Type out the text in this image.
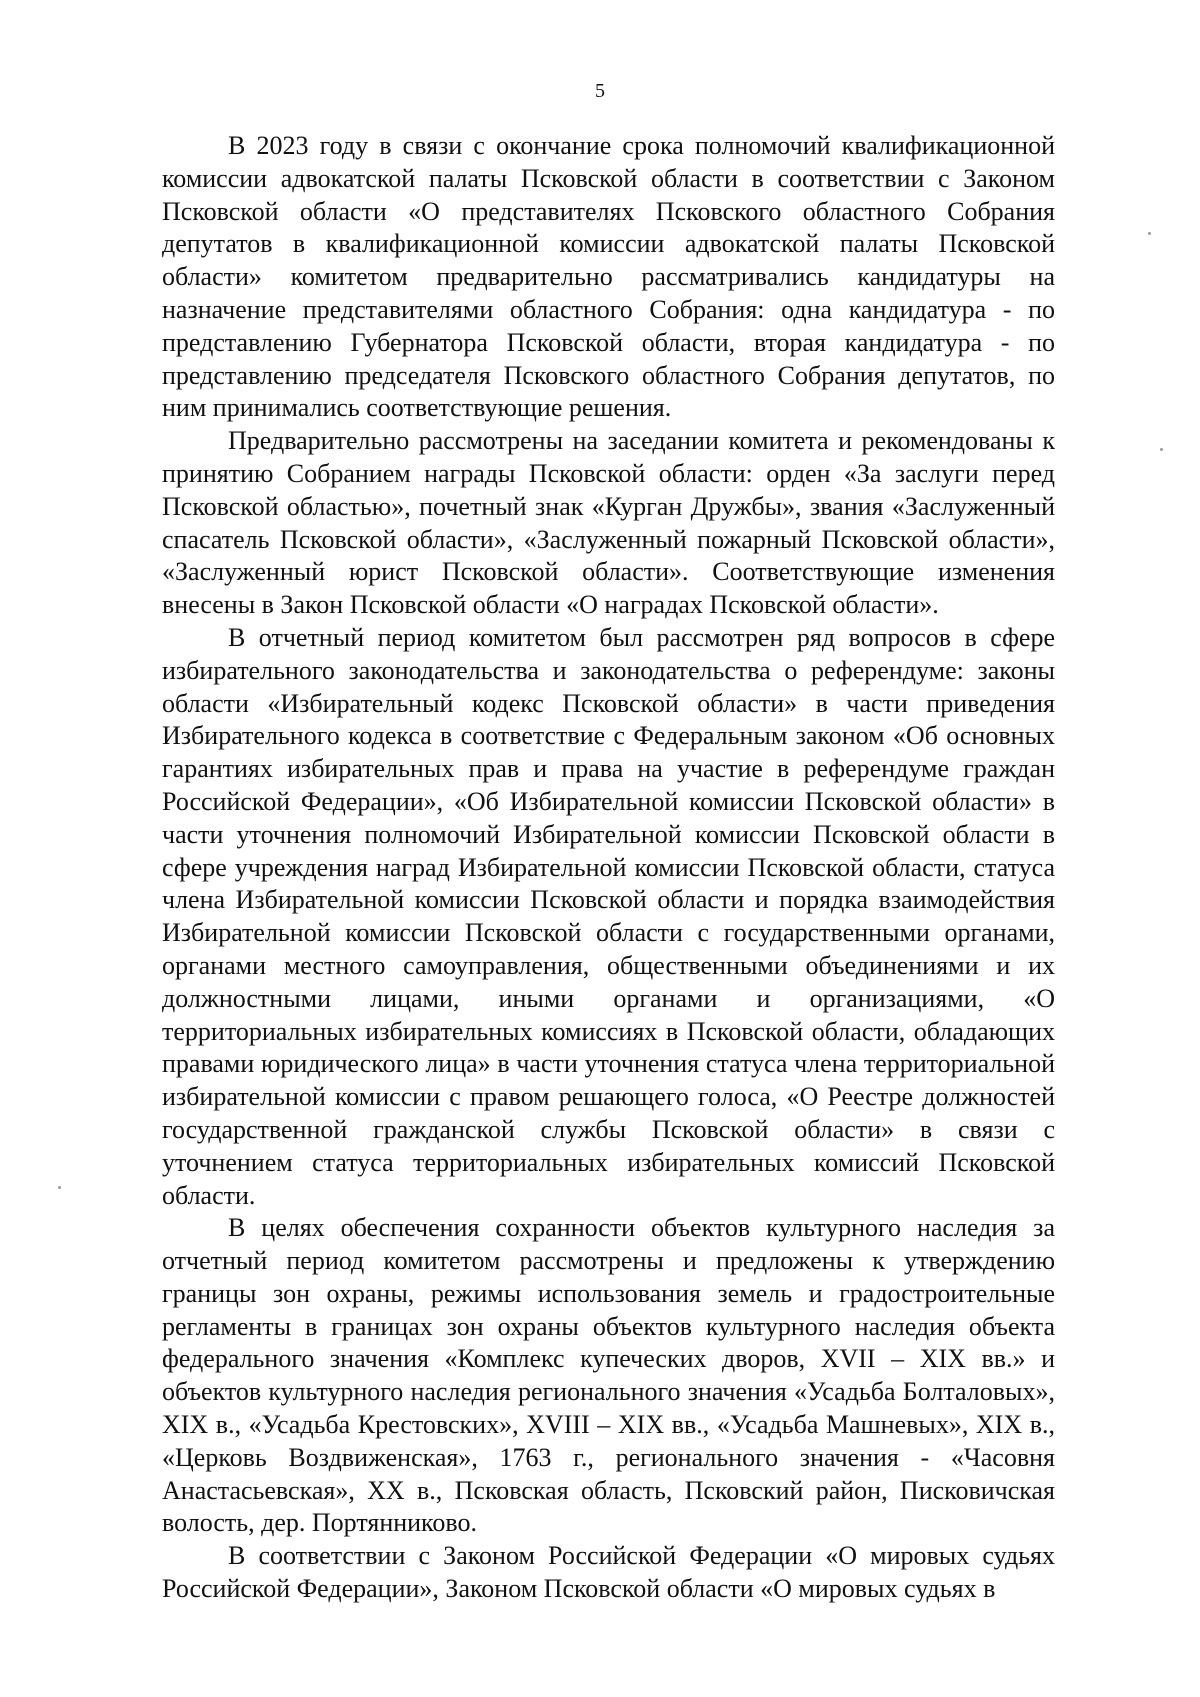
5

В 2023 году в связи с окончание срока полномочий квалификационной комиссии адвокатской палаты Псковской области в соответствии с Законом Псковской области «О представителях Псковского областного Собрания депутатов в квалификационной комиссии адвокатской палаты Псковской области» комитетом предварительно рассматривались кандидатуры на назначение представителями областного Собрания: одна кандидатура - по представлению Губернатора Псковской области, вторая кандидатура - по представлению председателя Псковского областного Собрания депутатов, по ним принимались соответствующие решения.

Предварительно рассмотрены на заседании комитета и рекомендованы к принятию Собранием награды Псковской области: орден «За заслуги перед Псковской областью», почетный знак «Курган Дружбы», звания «Заслуженный спасатель Псковской области», «Заслуженный пожарный Псковской области», «Заслуженный юрист Псковской области». Соответствующие изменения внесены в Закон Псковской области «О наградах Псковской области».

В отчетный период комитетом был рассмотрен ряд вопросов в сфере избирательного законодательства и законодательства о референдуме: законы области «Избирательный кодекс Псковской области» в части приведения Избирательного кодекса в соответствие с Федеральным законом «Об основных гарантиях избирательных прав и права на участие в референдуме граждан Российской Федерации», «Об Избирательной комиссии Псковской области» в части уточнения полномочий Избирательной комиссии Псковской области в сфере учреждения наград Избирательной комиссии Псковской области, статуса члена Избирательной комиссии Псковской области и порядка взаимодействия Избирательной комиссии Псковской области с государственными органами, органами местного самоуправления, общественными объединениями и их должностными лицами, иными органами и организациями, «О территориальных избирательных комиссиях в Псковской области, обладающих правами юридического лица» в части уточнения статуса члена территориальной избирательной комиссии с правом решающего голоса, «О Реестре должностей государственной гражданской службы Псковской области» в связи с уточнением статуса территориальных избирательных комиссий Псковской области.

В целях обеспечения сохранности объектов культурного наследия за отчетный период комитетом рассмотрены и предложены к утверждению границы зон охраны, режимы использования земель и градостроительные регламенты в границах зон охраны объектов культурного наследия объекта федерального значения «Комплекс купеческих дворов, XVII – XIX вв.» и объектов культурного наследия регионального значения «Усадьба Болталовых», XIX в., «Усадьба Крестовских», XVIII – XIX вв., «Усадьба Машневых», XIX в., «Церковь Воздвиженская», 1763 г., регионального значения - «Часовня Анастасьевская», XX в., Псковская область, Псковский район, Писковичская волость, дер. Портянниково.

В соответствии с Законом Российской Федерации «О мировых судьях Российской Федерации», Законом Псковской области «О мировых судьях в
